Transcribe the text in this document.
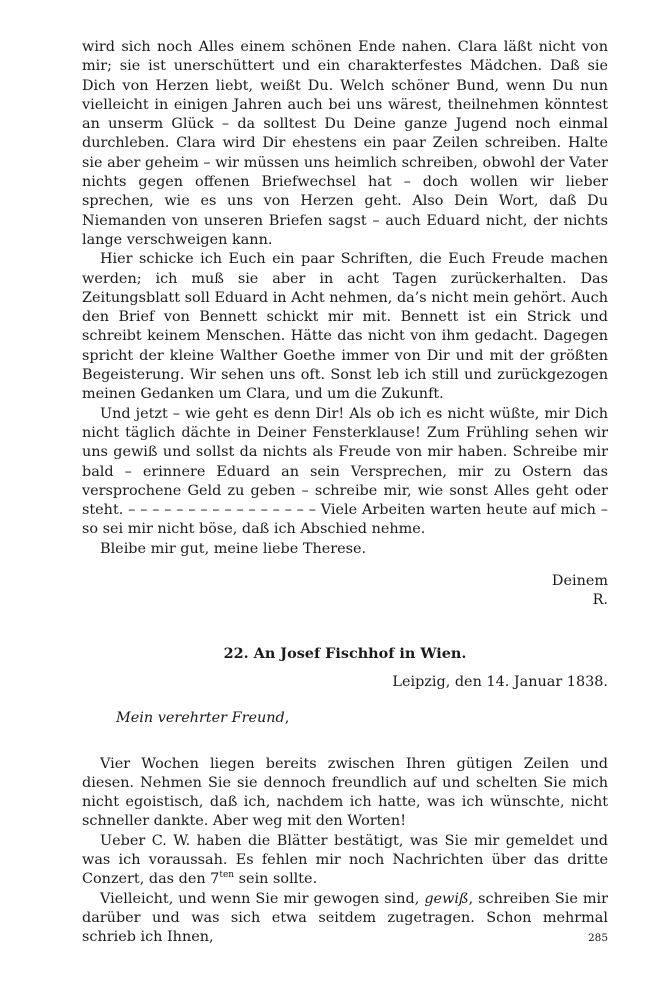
wird sich noch Alles einem schönen Ende nahen. Clara läßt nicht von mir; sie ist unerschüttert und ein charakterfestes Mädchen. Daß sie Dich von Herzen liebt, weißt Du. Welch schöner Bund, wenn Du nun vielleicht in einigen Jahren auch bei uns wärest, theilnehmen könntest an unserm Glück – da solltest Du Deine ganze Jugend noch einmal durchleben. Clara wird Dir ehestens ein paar Zeilen schreiben. Halte sie aber geheim – wir müssen uns heimlich schreiben, obwohl der Vater nichts gegen offenen Briefwechsel hat – doch wollen wir lieber sprechen, wie es uns von Herzen geht. Also Dein Wort, daß Du Niemanden von unseren Briefen sagst – auch Eduard nicht, der nichts lange verschweigen kann.

Hier schicke ich Euch ein paar Schriften, die Euch Freude machen werden; ich muß sie aber in acht Tagen zurückerhalten. Das Zeitungsblatt soll Eduard in Acht nehmen, da’s nicht mein gehört. Auch den Brief von Bennett schickt mir mit. Bennett ist ein Strick und schreibt keinem Menschen. Hätte das nicht von ihm gedacht. Dagegen spricht der kleine Walther Goethe immer von Dir und mit der größten Begeisterung. Wir sehen uns oft. Sonst leb ich still und zurückgezogen meinen Gedanken um Clara, und um die Zukunft.

Und jetzt – wie geht es denn Dir! Als ob ich es nicht wüßte, mir Dich nicht täglich dächte in Deiner Fensterklause! Zum Frühling sehen wir uns gewiß und sollst da nichts als Freude von mir haben. Schreibe mir bald – erinnere Eduard an sein Versprechen, mir zu Ostern das versprochene Geld zu geben – schreibe mir, wie sonst Alles geht oder steht. – – – – – – – – – – – – – – – – Viele Arbeiten warten heute auf mich – so sei mir nicht böse, daß ich Abschied nehme.

Bleibe mir gut, meine liebe Therese.

Deinem
R.
22. An Josef Fischhof in Wien.
Leipzig, den 14. Januar 1838.
Mein verehrter Freund,

Vier Wochen liegen bereits zwischen Ihren gütigen Zeilen und diesen. Nehmen Sie sie dennoch freundlich auf und schelten Sie mich nicht egoistisch, daß ich, nachdem ich hatte, was ich wünschte, nicht schneller dankte. Aber weg mit den Worten!

Ueber C. W. haben die Blätter bestätigt, was Sie mir gemeldet und was ich voraussah. Es fehlen mir noch Nachrichten über das dritte Conzert, das den $7^{ten}$ sein sollte.

Vielleicht, und wenn Sie mir gewogen sind, gewiß, schreiben Sie mir darüber und was sich etwa seitdem zugetragen. Schon mehrmal schrieb ich Ihnen,	285
